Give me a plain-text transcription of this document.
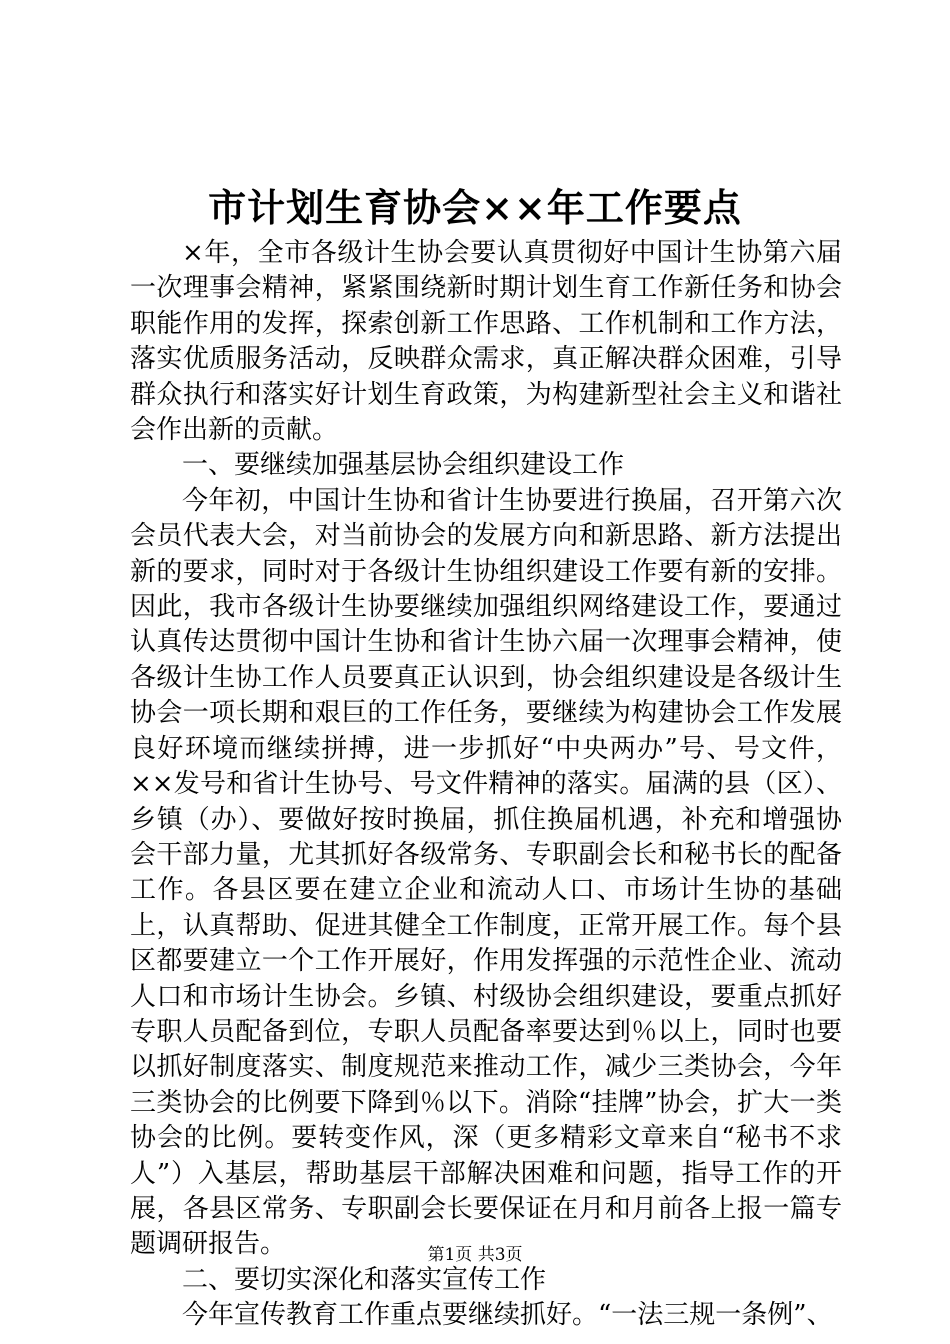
市计划生育协会××年工作要点

×年，全市各级计生协会要认真贯彻好中国计生协第六届一次理事会精神，紧紧围绕新时期计划生育工作新任务和协会职能作用的发挥，探索创新工作思路、工作机制和工作方法，落实优质服务活动，反映群众需求，真正解决群众困难，引导群众执行和落实好计划生育政策，为构建新型社会主义和谐社会作出新的贡献。

一、要继续加强基层协会组织建设工作

今年初，中国计生协和省计生协要进行换届，召开第六次会员代表大会，对当前协会的发展方向和新思路、新方法提出新的要求，同时对于各级计生协组织建设工作要有新的安排。因此，我市各级计生协要继续加强组织网络建设工作，要通过认真传达贯彻中国计生协和省计生协六届一次理事会精神，使各级计生协工作人员要真正认识到，协会组织建设是各级计生协会一项长期和艰巨的工作任务，要继续为构建协会工作发展良好环境而继续拼搏，进一步抓好“中央两办”号、号文件，××发号和省计生协号、号文件精神的落实。届满的县（区）、乡镇（办）、要做好按时换届，抓住换届机遇，补充和增强协会干部力量，尤其抓好各级常务、专职副会长和秘书长的配备工作。各县区要在建立企业和流动人口、市场计生协的基础上，认真帮助、促进其健全工作制度，正常开展工作。每个县区都要建立一个工作开展好，作用发挥强的示范性企业、流动人口和市场计生协会。乡镇、村级协会组织建设，要重点抓好专职人员配备到位，专职人员配备率要达到％以上，同时也要以抓好制度落实、制度规范来推动工作，减少三类协会，今年三类协会的比例要下降到％以下。消除“挂牌”协会，扩大一类协会的比例。要转变作风，深（更多精彩文章来自“秘书不求人”）入基层，帮助基层干部解决困难和问题，指导工作的开展，各县区常务、专职副会长要保证在月和月前各上报一篇专题调研报告。

二、要切实深化和落实宣传工作

今年宣传教育工作重点要继续抓好。“一法三规一条例”、

第1页 共3页
